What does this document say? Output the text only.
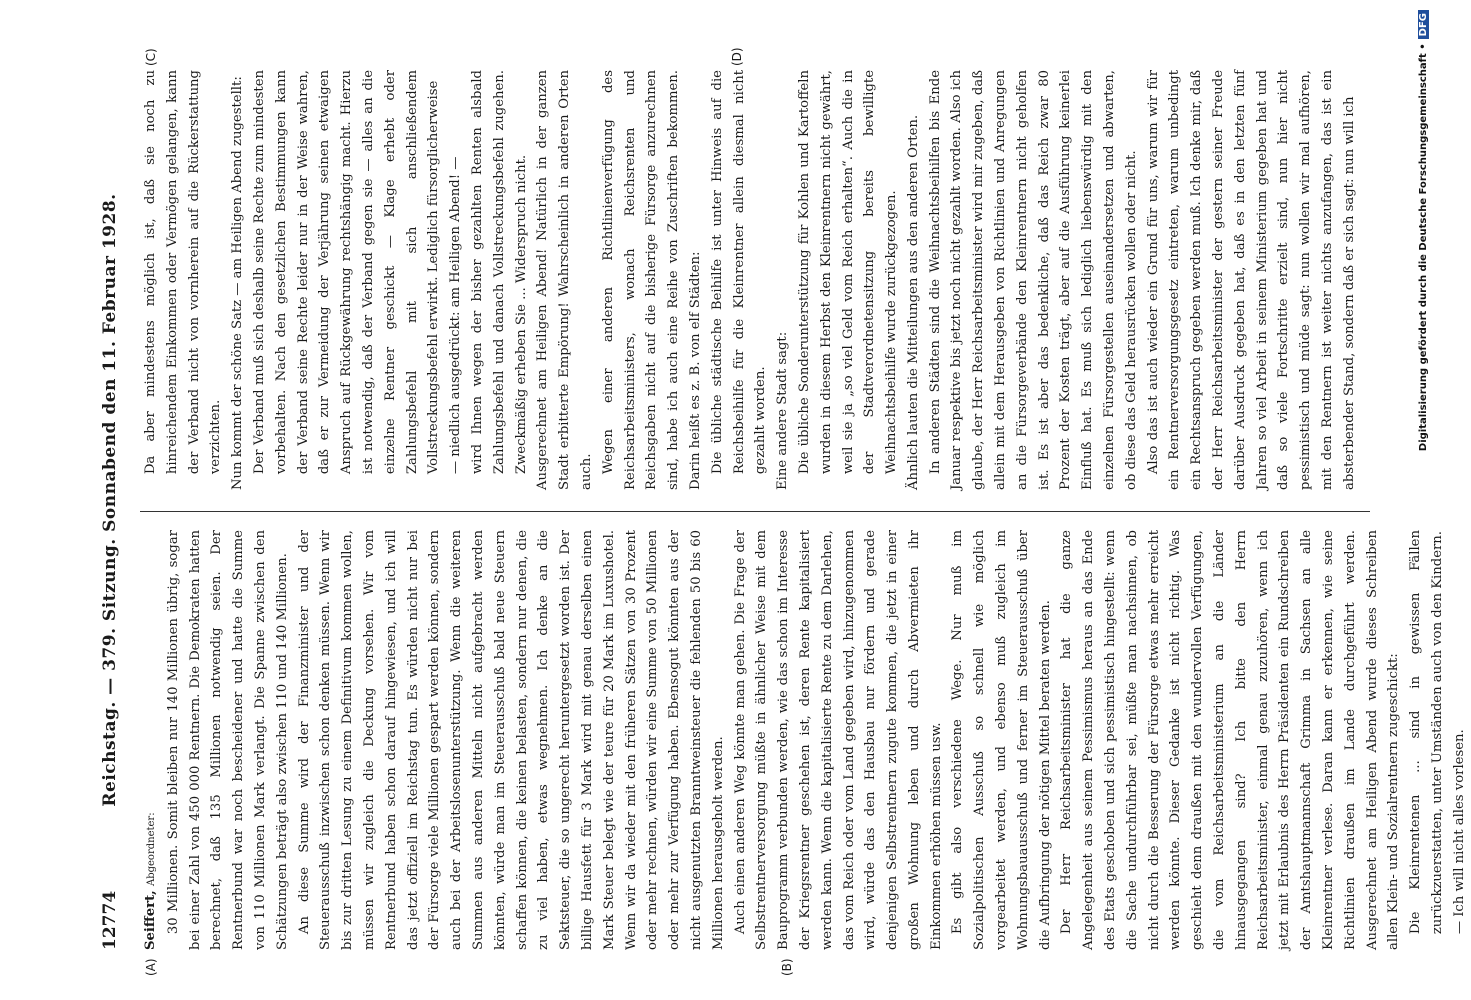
12774
Reichstag. — 379. Sitzung. Sonnabend den 11. Februar 1928.
(A)	(B)
(C)	(D)

Seiffert, Abgeordneter: 30 Millionen. Somit bleiben nur 140 Millionen übrig, sogar bei einer Zahl von 450 000 Rentnern. Die Demokraten hatten berechnet, daß 135 Millionen notwendig seien. Der Rentnerbund war noch bescheidener und hatte die Summe von 110 Millionen Mark verlangt. Die Spanne zwischen den Schätzungen beträgt also zwischen 110 und 140 Millionen. An diese Summe wird der Finanzminister und der Steuerausschuß inzwischen schon denken müssen. Wenn wir bis zur dritten Lesung zu einem Definitivum kommen wollen, müssen wir zugleich die Deckung vorsehen. Wir vom Rentnerbund haben schon darauf hingewiesen, und ich will das jetzt offiziell im Reichstag tun. Es würden nicht nur bei der Fürsorge viele Millionen gespart werden können, sondern auch bei der Arbeitslosenunterstützung. Wenn die weiteren Summen aus anderen Mitteln nicht aufgebracht werden könnten, würde man im Steuerausschuß bald neue Steuern schaffen können, die keinen belasten, sondern nur denen, die zu viel haben, etwas wegnehmen. Ich denke an die Sektsteuer, die so ungerecht heruntergesetzt worden ist. Der billige Hausfett für 3 Mark wird mit genau derselben einen Mark Steuer belegt wie der teure für 20 Mark im Luxushotel. Wenn wir da wieder mit den früheren Sätzen von 30 Prozent oder mehr rechnen, würden wir eine Summe von 50 Millionen oder mehr zur Verfügung haben. Ebensogut könnten aus der nicht ausgenutzten Branntweinsteuer die fehlenden 50 bis 60 Millionen herausgeholt werden. Auch einen anderen Weg könnte man gehen. Die Frage der Selbstrentnerversorgung müßte in ähnlicher Weise mit dem Bauprogramm verbunden werden, wie das schon im Interesse der Kriegsrentner geschehen ist, deren Rente kapitalisiert werden kann. Wenn die kapitalisierte Rente zu dem Darlehen, das vom Reich oder vom Land gegeben wird, hinzugenommen wird, würde das den Hausbau nur fördern und gerade denjenigen Selbstrentnern zugute kommen, die jetzt in einer großen Wohnung leben und durch Abvermieten ihr Einkommen erhöhen müssen usw. Es gibt also verschiedene Wege. Nur muß im Sozialpolitischen Ausschuß so schnell wie möglich vorgearbeitet werden, und ebenso muß zugleich im Wohnungsbauausschuß und ferner im Steuerausschuß über die Aufbringung der nötigen Mittel beraten werden. Der Herr Reichsarbeitsminister hat die ganze Angelegenheit aus seinem Pessimismus heraus an das Ende des Etats geschoben und sich pessimistisch hingestellt: wenn die Sache undurchführbar sei, müßte man nachsinnen, ob nicht durch die Besserung der Fürsorge etwas mehr erreicht werden könnte. Dieser Gedanke ist nicht richtig. Was geschieht denn draußen mit den wundervollen Verfügungen, die vom Reichsarbeitsministerium an die Länder hinausgegangen sind? Ich bitte den Herrn Reichsarbeitsminister, einmal genau zuzuhören, wenn ich jetzt mit Erlaubnis des Herrn Präsidenten ein Rundschreiben der Amtshauptmannschaft Grimma in Sachsen an alle Kleinrentner verlese. Daran kann er erkennen, wie seine Richtlinien draußen im Lande durchgeführt werden. Ausgerechnet am Heiligen Abend wurde dieses Schreiben allen Klein- und Sozialrentnern zugeschickt: Die Kleinrentenen ... sind in gewissen Fällen zurückzuerstatten, unter Umständen auch von den Kindern. — Ich will nicht alles vorlesen.

Da aber mindestens möglich ist, daß sie noch zu hinreichendem Einkommen oder Vermögen gelangen, kann der Verband nicht von vornherein auf die Rückerstattung verzichten. Nun kommt der schöne Satz — am Heiligen Abend zugestellt: Der Verband muß sich deshalb seine Rechte zum mindesten vorbehalten. Nach den gesetzlichen Bestimmungen kann der Verband seine Rechte leider nur in der Weise wahren, daß er zur Vermeidung der Verjährung seinen etwaigen Anspruch auf Rückgewährung rechtshängig macht. Hierzu ist notwendig, daß der Verband gegen sie — alles an die einzelne Rentner geschickt — Klage erhebt oder Zahlungsbefehl mit sich anschließendem Vollstreckungsbefehl erwirkt. Lediglich fürsorglicherweise — niedlich ausgedrückt: am Heiligen Abend! — wird Ihnen wegen der bisher gezahlten Renten alsbald Zahlungsbefehl und danach Vollstreckungsbefehl zugehen. Zweckmäßig erheben Sie ... Widerspruch nicht. Ausgerechnet am Heiligen Abend! Natürlich in der ganzen Stadt erbitterte Empörung! Wahrscheinlich in anderen Orten auch. Wegen einer anderen Richtlinienverfügung des Reichsarbeitsministers, wonach Reichsrenten und Reichsgaben nicht auf die bisherige Fürsorge anzurechnen sind, habe ich auch eine Reihe von Zuschriften bekommen. Darin heißt es z. B. von elf Städten: Die übliche städtische Beihilfe ist unter Hinweis auf die Reichsbeihilfe für die Kleinrentner allein diesmal nicht gezahlt worden. Eine andere Stadt sagt: Die übliche Sonderunterstützung für Kohlen und Kartoffeln wurden in diesem Herbst den Kleinrentnern nicht gewährt, weil sie ja „so viel Geld vom Reich erhalten“. Auch die in der Stadtverordnetensitzung bereits bewilligte Weihnachtsbeihilfe wurde zurückgezogen. Ähnlich lauten die Mitteilungen aus den anderen Orten. In anderen Städten sind die Weihnachtsbeihilfen bis Ende Januar respektive bis jetzt noch nicht gezahlt worden. Also ich glaube, der Herr Reichsarbeitsminister wird mir zugeben, daß allein mit dem Herausgeben von Richtlinien und Anregungen an die Fürsorgeverbände den Kleinrentnern nicht geholfen ist. Es ist aber das bedenkliche, daß das Reich zwar 80 Prozent der Kosten trägt, aber auf die Ausführung keinerlei Einfluß hat. Es muß sich lediglich liebenswürdig mit den einzelnen Fürsorgestellen auseinandersetzen und abwarten, ob diese das Geld herausrücken wollen oder nicht. Also das ist auch wieder ein Grund für uns, warum wir für ein Rentnerversorgungsgesetz eintreten, warum unbedingt ein Rechtsanspruch gegeben werden muß. Ich denke mir, daß der Herr Reichsarbeitsminister der gestern seiner Freude darüber Ausdruck gegeben hat, daß es in den letzten fünf Jahren so viel Arbeit in seinem Ministerium gegeben hat und daß so viele Fortschritte erzielt sind, nun hier nicht pessimistisch und müde sagt: nun wollen wir mal aufhören, mit den Rentnern ist weiter nichts anzufangen, das ist ein absterbender Stand, sondern daß er sich sagt: nun will ich	Digitalisierung gefördert durch die Deutsche Forschungsgemeinschaft •DFG
